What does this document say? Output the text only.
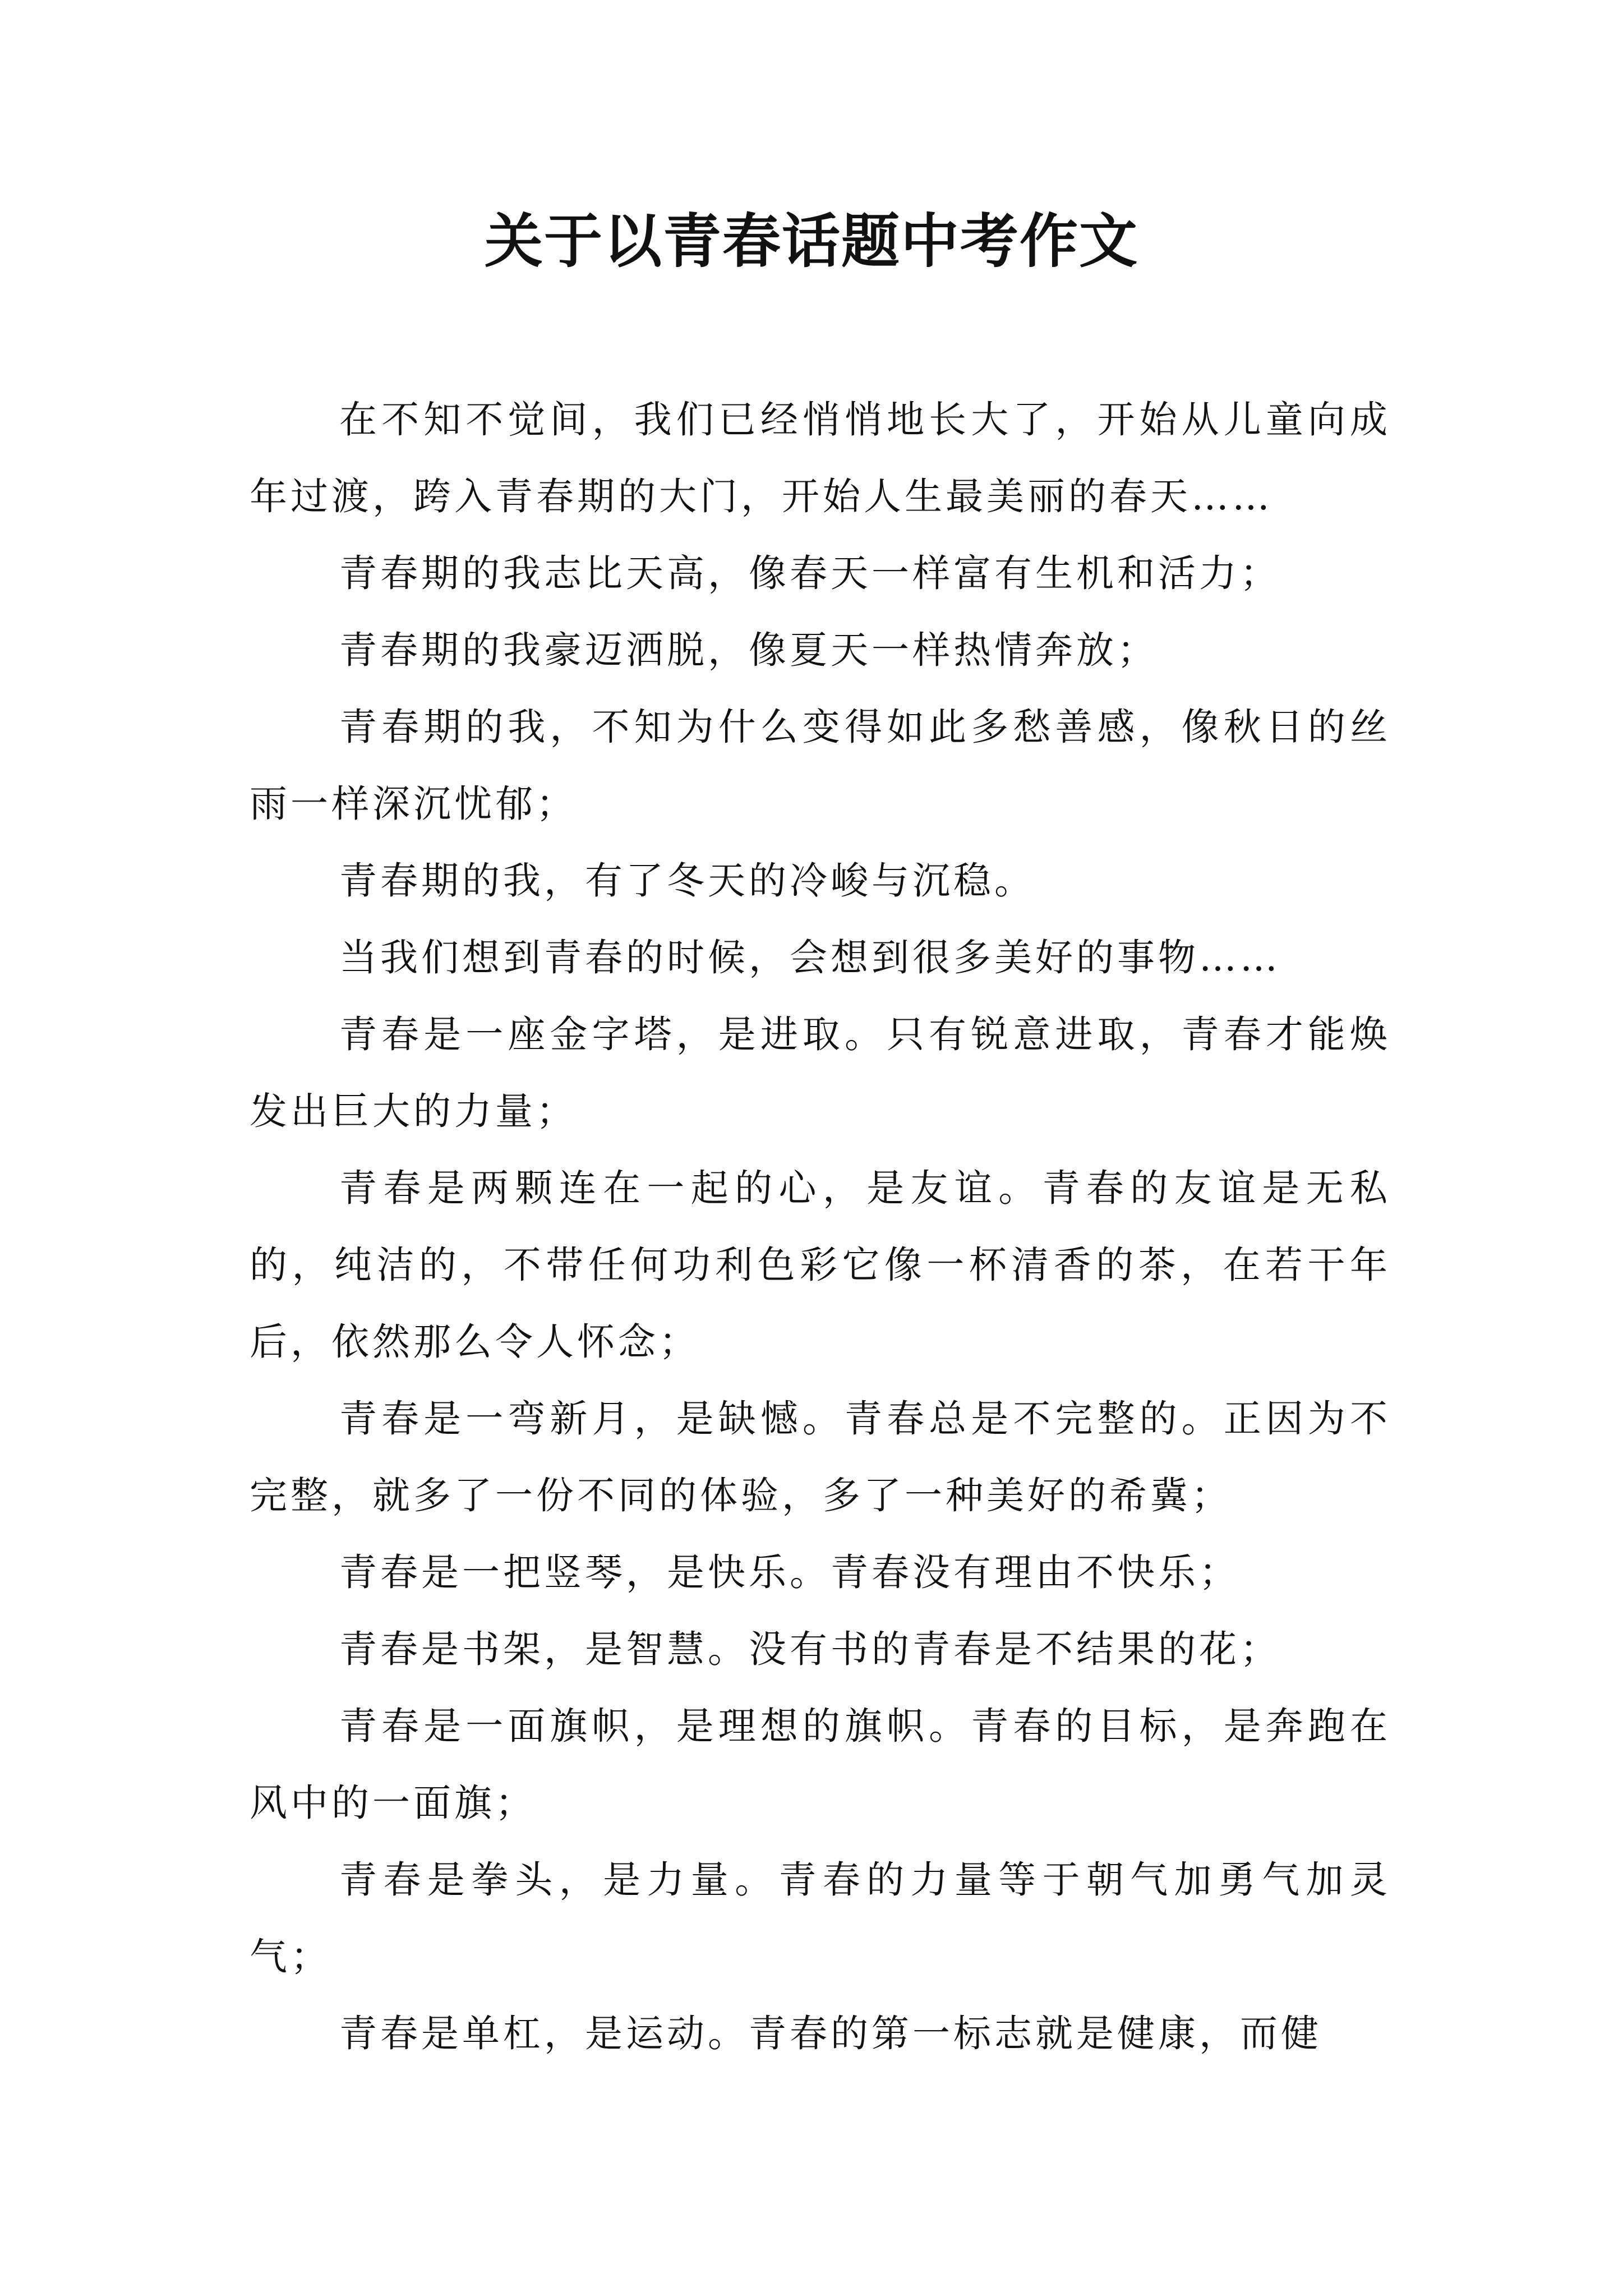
关于以青春话题中考作文

在不知不觉间，我们已经悄悄地长大了，开始从儿童向成年过渡，跨入青春期的大门，开始人生最美丽的春天……

青春期的我志比天高，像春天一样富有生机和活力；

青春期的我豪迈洒脱，像夏天一样热情奔放；

青春期的我，不知为什么变得如此多愁善感，像秋日的丝雨一样深沉忧郁；

青春期的我，有了冬天的冷峻与沉稳。

当我们想到青春的时候，会想到很多美好的事物……

青春是一座金字塔，是进取。只有锐意进取，青春才能焕发出巨大的力量；

青春是两颗连在一起的心，是友谊。青春的友谊是无私的，纯洁的，不带任何功利色彩它像一杯清香的茶，在若干年后，依然那么令人怀念；

青春是一弯新月，是缺憾。青春总是不完整的。正因为不完整，就多了一份不同的体验，多了一种美好的希冀；

青春是一把竖琴，是快乐。青春没有理由不快乐；

青春是书架，是智慧。没有书的青春是不结果的花；

青春是一面旗帜，是理想的旗帜。青春的目标，是奔跑在风中的一面旗；

青春是拳头，是力量。青春的力量等于朝气加勇气加灵气；

青春是单杠，是运动。青春的第一标志就是健康，而健
